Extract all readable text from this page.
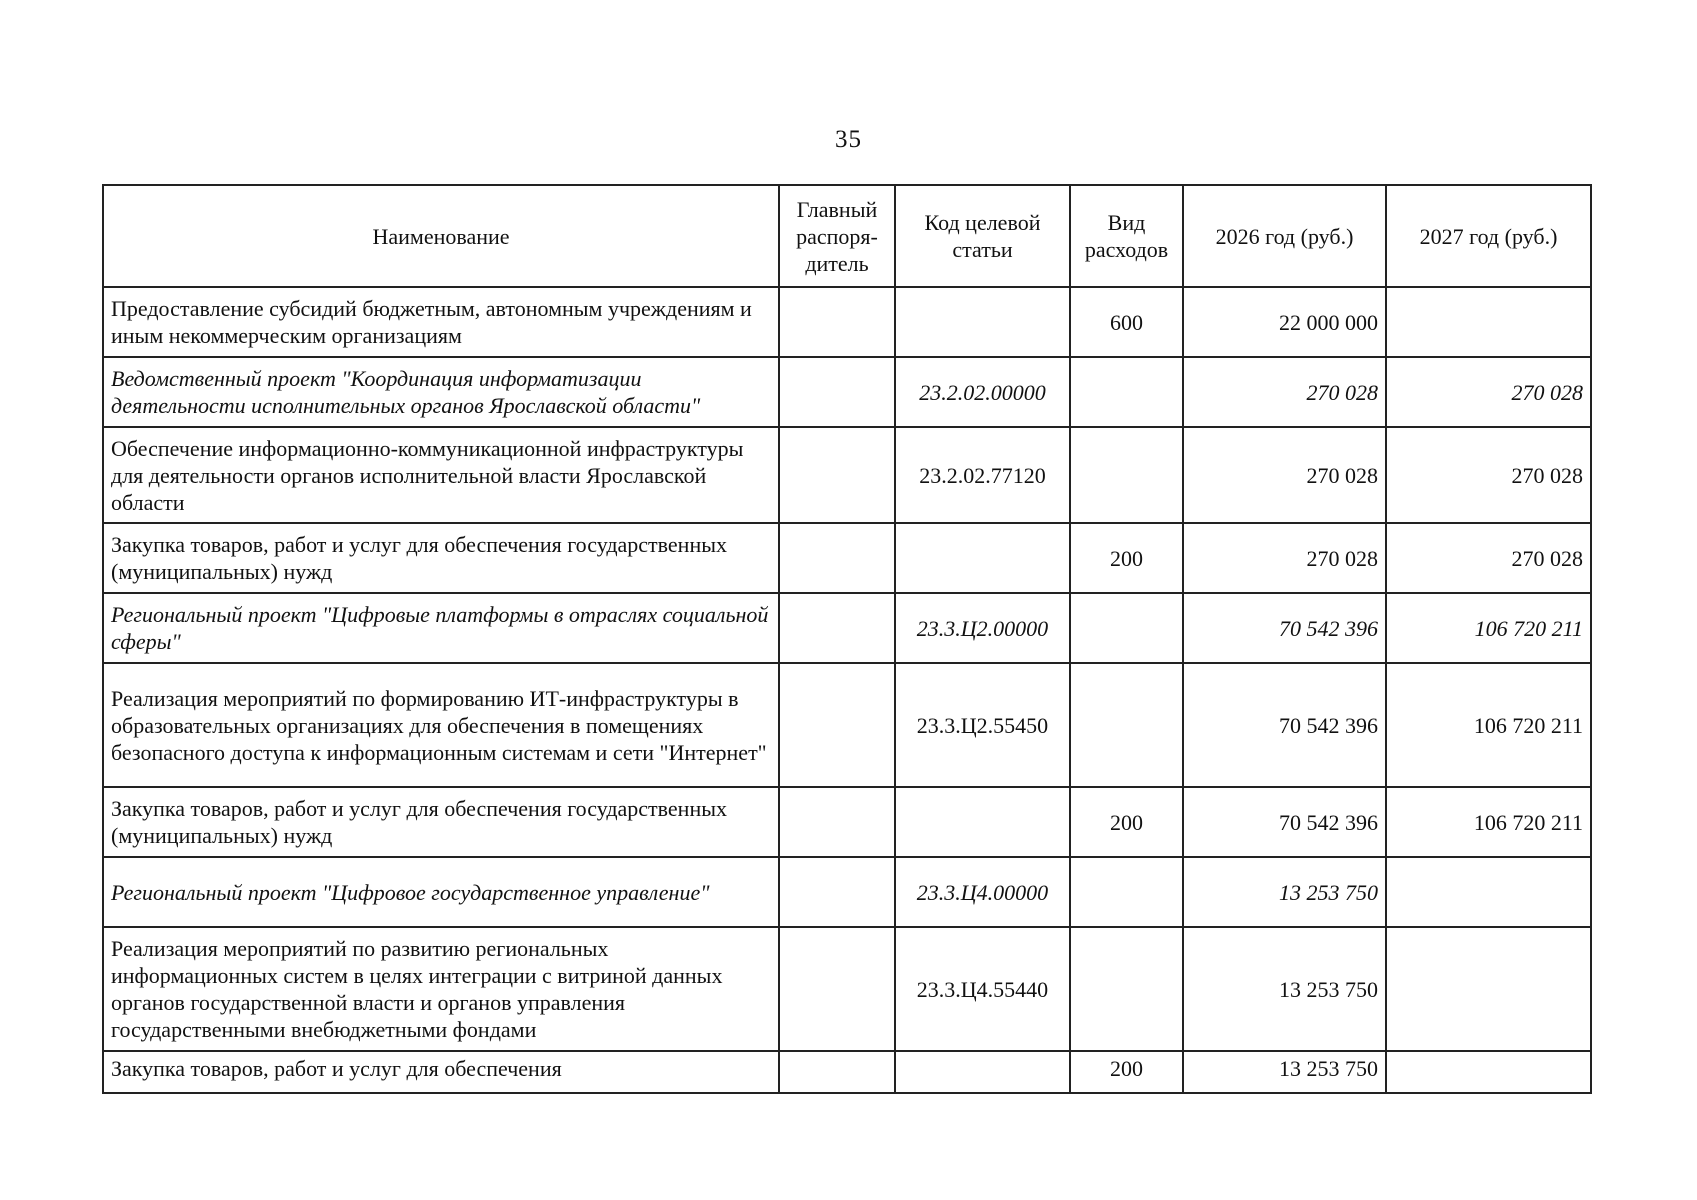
35
Наименование	Главный распоря-дитель	Код целевой статьи	Вид расходов	2026 год (руб.)	2027 год (руб.)
Предоставление субсидий бюджетным, автономным учреждениям и иным некоммерческим организациям			600	22 000 000	
Ведомственный проект "Координация информатизации деятельности исполнительных органов Ярославской области"		23.2.02.00000		270 028	270 028
Обеспечение информационно-коммуникационной инфраструктуры для деятельности органов исполнительной власти Ярославской области		23.2.02.77120		270 028	270 028
Закупка товаров, работ и услуг для обеспечения государственных (муниципальных) нужд			200	270 028	270 028
Региональный проект "Цифровые платформы в отраслях социальной сферы"		23.3.Ц2.00000		70 542 396	106 720 211
Реализация мероприятий по формированию ИТ-инфраструктуры в образовательных организациях для обеспечения в помещениях безопасного доступа к информационным системам и сети "Интернет"		23.3.Ц2.55450		70 542 396	106 720 211
Закупка товаров, работ и услуг для обеспечения государственных (муниципальных) нужд			200	70 542 396	106 720 211
Региональный проект "Цифровое государственное управление"		23.3.Ц4.00000		13 253 750	
Реализация мероприятий по развитию региональных информационных систем в целях интеграции с витриной данных органов государственной власти и органов управления государственными внебюджетными фондами		23.3.Ц4.55440		13 253 750	
Закупка товаров, работ и услуг для обеспечения			200	13 253 750	
